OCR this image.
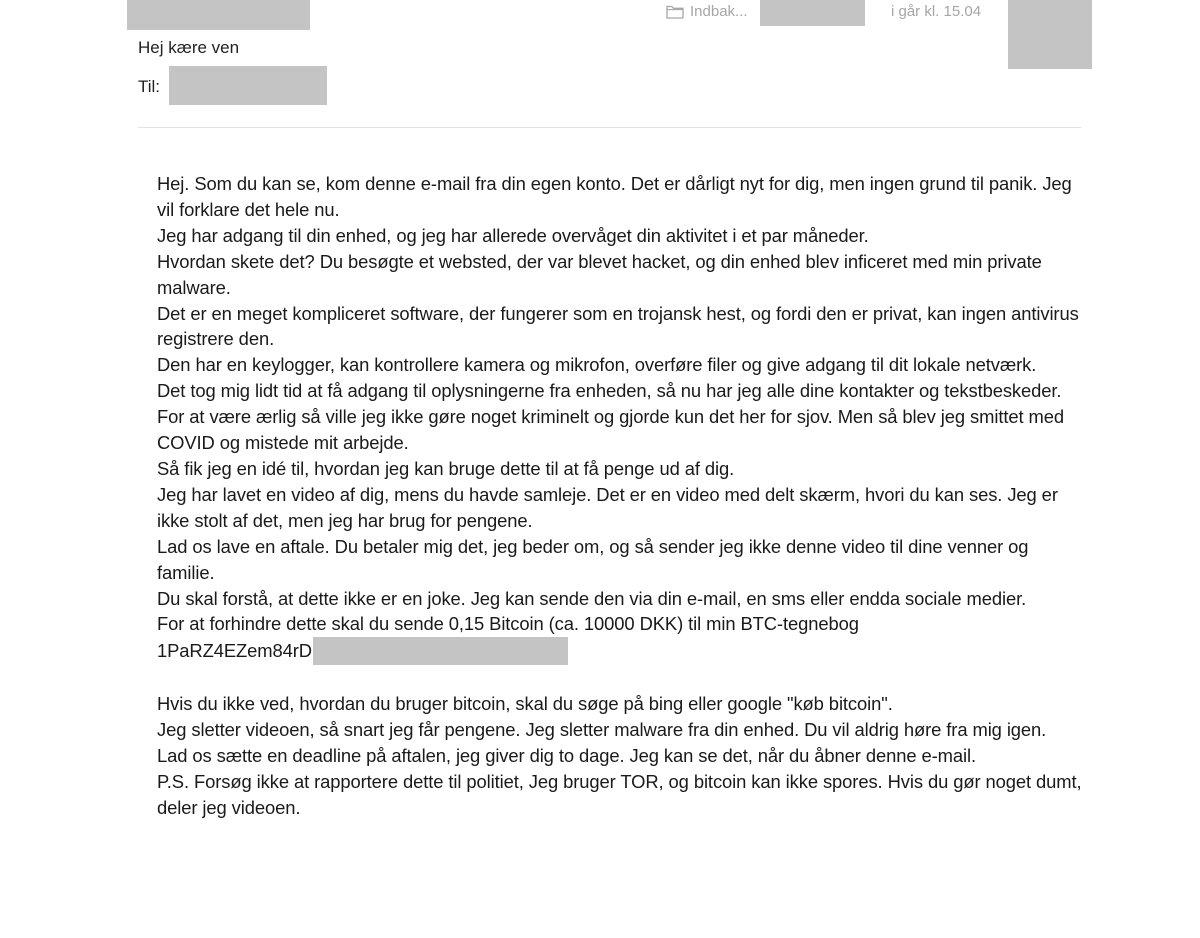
Indbak...	i går kl. 15.04
Hej kære ven
Til:

Hej. Som du kan se, kom denne e-mail fra din egen konto. Det er dårligt nyt for dig, men ingen grund til panik. Jeg vil forklare det hele nu.

Jeg har adgang til din enhed, og jeg har allerede overvåget din aktivitet i et par måneder.

Hvordan skete det? Du besøgte et websted, der var blevet hacket, og din enhed blev inficeret med min private malware.

Det er en meget kompliceret software, der fungerer som en trojansk hest, og fordi den er privat, kan ingen antivirus registrere den.

Den har en keylogger, kan kontrollere kamera og mikrofon, overføre filer og give adgang til dit lokale netværk.

Det tog mig lidt tid at få adgang til oplysningerne fra enheden, så nu har jeg alle dine kontakter og tekstbeskeder.

For at være ærlig så ville jeg ikke gøre noget kriminelt og gjorde kun det her for sjov. Men så blev jeg smittet med COVID og mistede mit arbejde.

Så fik jeg en idé til, hvordan jeg kan bruge dette til at få penge ud af dig.

Jeg har lavet en video af dig, mens du havde samleje. Det er en video med delt skærm, hvori du kan ses. Jeg er ikke stolt af det, men jeg har brug for pengene.

Lad os lave en aftale. Du betaler mig det, jeg beder om, og så sender jeg ikke denne video til dine venner og familie.

Du skal forstå, at dette ikke er en joke. Jeg kan sende den via din e-mail, en sms eller endda sociale medier.

For at forhindre dette skal du sende 0,15 Bitcoin (ca. 10000 DKK) til min BTC-tegnebog

1PaRZ4EZem84rD

Hvis du ikke ved, hvordan du bruger bitcoin, skal du søge på bing eller google "køb bitcoin".

Jeg sletter videoen, så snart jeg får pengene. Jeg sletter malware fra din enhed. Du vil aldrig høre fra mig igen.

Lad os sætte en deadline på aftalen, jeg giver dig to dage. Jeg kan se det, når du åbner denne e-mail.

P.S. Forsøg ikke at rapportere dette til politiet, Jeg bruger TOR, og bitcoin kan ikke spores. Hvis du gør noget dumt, deler jeg videoen.
